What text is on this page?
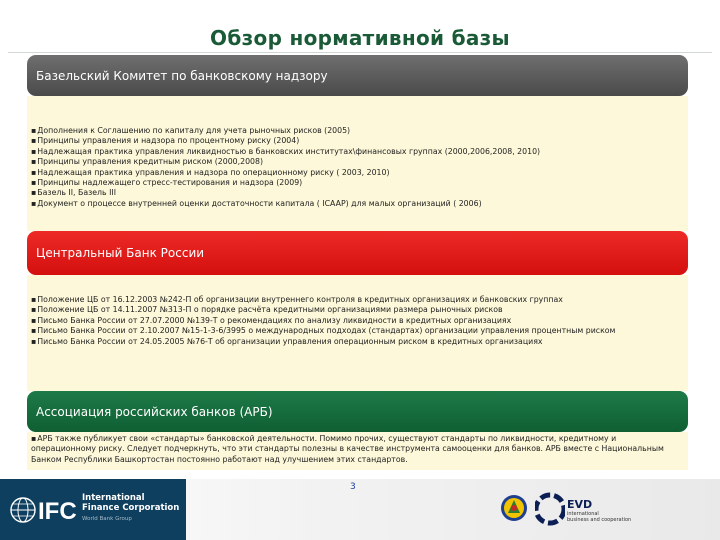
Обзор нормативной базы
Базельский Комитет по банковскому надзору
▪ Дополнения к Соглашению по капиталу для учета рыночных рисков (2005)
▪ Принципы управления и надзора по процентному риску (2004)
▪ Надлежащая практика управления ликвидностью в банковских институтах\финансовых группах (2000,2006,2008, 2010)
▪ Принципы управления кредитным риском (2000,2008)
▪ Надлежащая практика управления и надзора по операционному риску ( 2003, 2010)
▪ Принципы надлежащего стресс-тестирования и надзора (2009)
▪ Базель II, Базель III
▪ Документ о процессе внутренней оценки достаточности капитала ( ICAAP) для малых организаций ( 2006)
Центральный Банк России
▪ Положение ЦБ от 16.12.2003 №242-П об организации внутреннего контроля в кредитных организациях и банковских группах
▪ Положение ЦБ от 14.11.2007 №313-П о порядке расчёта кредитными организациями размера рыночных рисков
▪ Письмо Банка России от 27.07.2000 №139-Т о рекомендациях по анализу ликвидности в кредитных организациях
▪ Письмо Банка России от 2.10.2007 №15-1-3-6/3995 о международных подходах (стандартах) организации управления процентным риском
▪ Письмо Банка России от 24.05.2005 №76-Т об организации управления операционным риском в кредитных организациях
Ассоциация российских банков (АРБ)

▪ АРБ также публикует свои «стандарты» банковской деятельности. Помимо прочих, существуют стандарты по ликвидности, кредитному и операционному риску. Следует подчеркнуть, что эти стандарты полезны в качестве инструмента самооценки для банков. АРБ вместе с Национальным Банком Республики Башкортостан постоянно работают над улучшением этих стандартов.

IFC International
Finance Corporation
World Bank Group
3
EVD
international
business and cooperation
